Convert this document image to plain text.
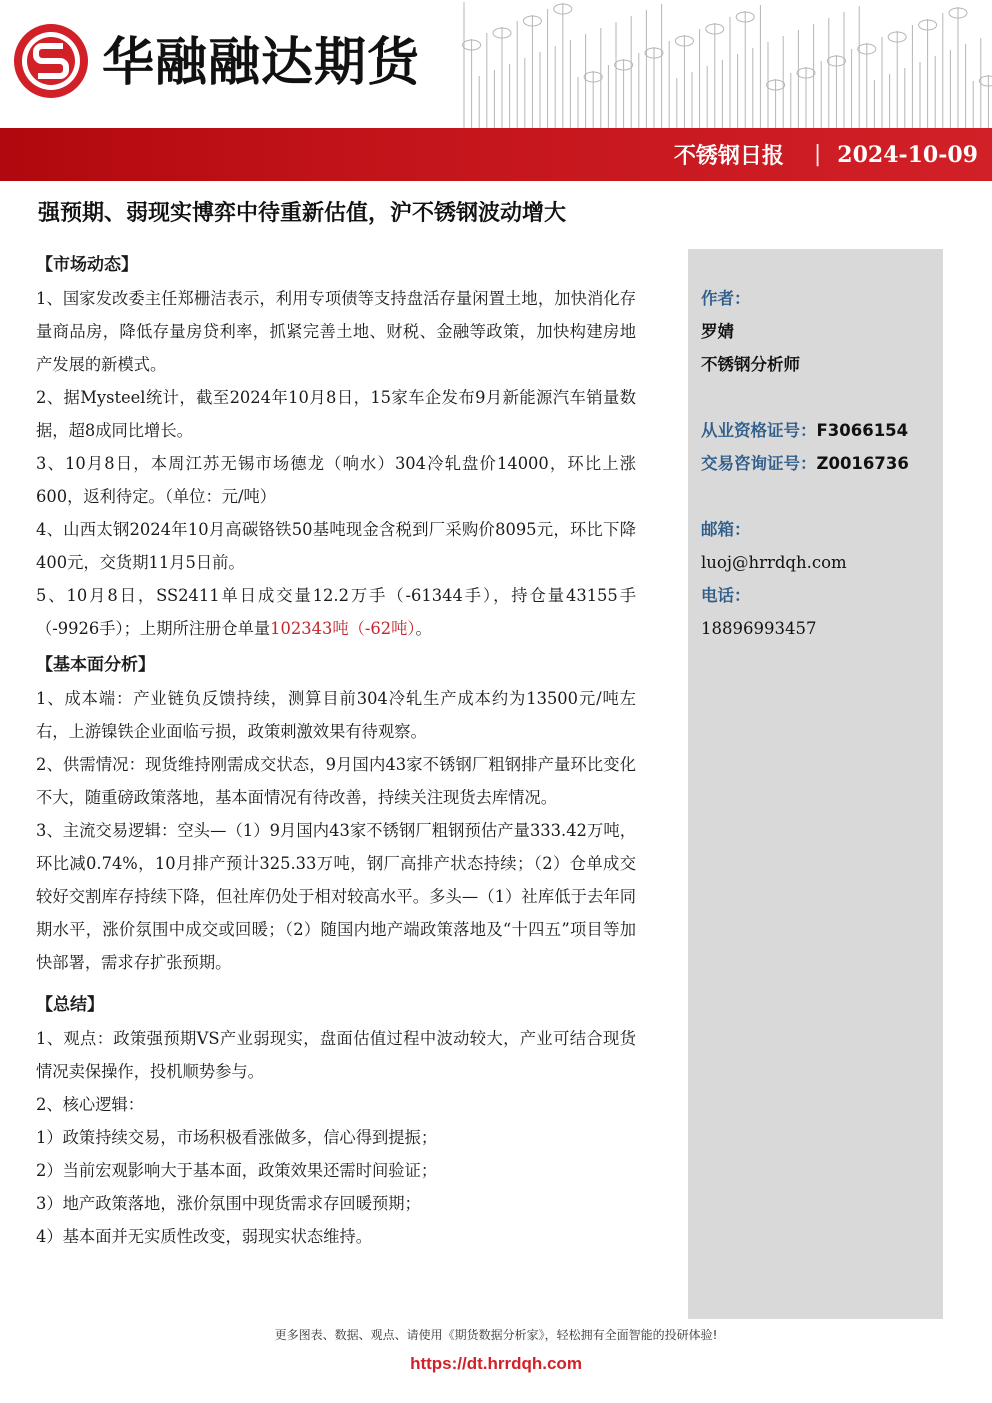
华融融达期货
不锈钢日报 | 2024-10-09
强预期、弱现实博弈中待重新估值，沪不锈钢波动增大
【市场动态】

1、国家发改委主任郑栅洁表示，利用专项债等支持盘活存量闲置土地，加快消化存量商品房，降低存量房贷利率，抓紧完善土地、财税、金融等政策，加快构建房地产发展的新模式。

2、据Mysteel统计，截至2024年10月8日，15家车企发布9月新能源汽车销量数据，超8成同比增长。

3、10月8日，本周江苏无锡市场德龙（响水）304冷轧盘价14000，环比上涨600，返利待定。（单位：元/吨）

4、山西太钢2024年10月高碳铬铁50基吨现金含税到厂采购价8095元，环比下降400元，交货期11月5日前。

5、10月8日，SS2411单日成交量12.2万手（-61344手），持仓量43155手（-9926手）；上期所注册仓单量102343吨（-62吨）。

【基本面分析】

1、成本端：产业链负反馈持续，测算目前304冷轧生产成本约为13500元/吨左右，上游镍铁企业面临亏损，政策刺激效果有待观察。

2、供需情况：现货维持刚需成交状态，9月国内43家不锈钢厂粗钢排产量环比变化不大，随重磅政策落地，基本面情况有待改善，持续关注现货去库情况。

3、主流交易逻辑：空头—（1）9月国内43家不锈钢厂粗钢预估产量333.42万吨，环比减0.74%，10月排产预计325.33万吨，钢厂高排产状态持续；（2）仓单成交较好交割库存持续下降，但社库仍处于相对较高水平。多头—（1）社库低于去年同期水平，涨价氛围中成交或回暖；（2）随国内地产端政策落地及“十四五”项目等加快部署，需求存扩张预期。

【总结】

1、观点：政策强预期VS产业弱现实，盘面估值过程中波动较大，产业可结合现货情况卖保操作，投机顺势参与。

2、核心逻辑：

1）政策持续交易，市场积极看涨做多，信心得到提振；

2）当前宏观影响大于基本面，政策效果还需时间验证；

3）地产政策落地，涨价氛围中现货需求存回暖预期；

4）基本面并无实质性改变，弱现实状态维持。

作者：
罗婧
不锈钢分析师
从业资格证号：F3066154
交易咨询证号：Z0016736
邮箱：
luoj@hrrdqh.com
电话：
18896993457
更多图表、数据、观点、请使用《期货数据分析家》，轻松拥有全面智能的投研体验!
https://dt.hrrdqh.com
